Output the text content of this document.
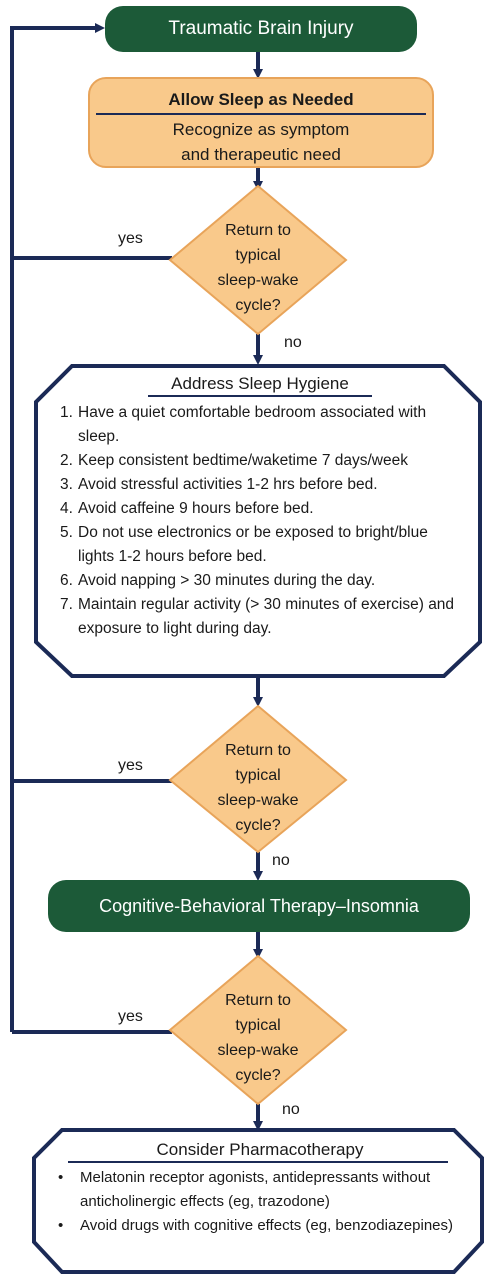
Traumatic Brain Injury
Allow Sleep as Needed
Recognize as symptom
and therapeutic need
Return to
typical
sleep-wake
cycle?
yes
no
Address Sleep Hygiene
1. Have a quiet comfortable bedroom associated with sleep.
2. Keep consistent bedtime/waketime 7 days/week
3. Avoid stressful activities 1-2 hrs before bed.
4. Avoid caffeine 9 hours before bed.
5. Do not use electronics or be exposed to bright/blue lights 1-2 hours before bed.
6. Avoid napping > 30 minutes during the day.
7. Maintain regular activity (> 30 minutes of exercise) and exposure to light during day.
Return to
typical
sleep-wake
cycle?
yes
no
Cognitive-Behavioral Therapy–Insomnia
Return to
typical
sleep-wake
cycle?
yes
no
Consider Pharmacotherapy
• Melatonin receptor agonists, antidepressants without anticholinergic effects (eg, trazodone)
• Avoid drugs with cognitive effects (eg, benzodiazepines)
